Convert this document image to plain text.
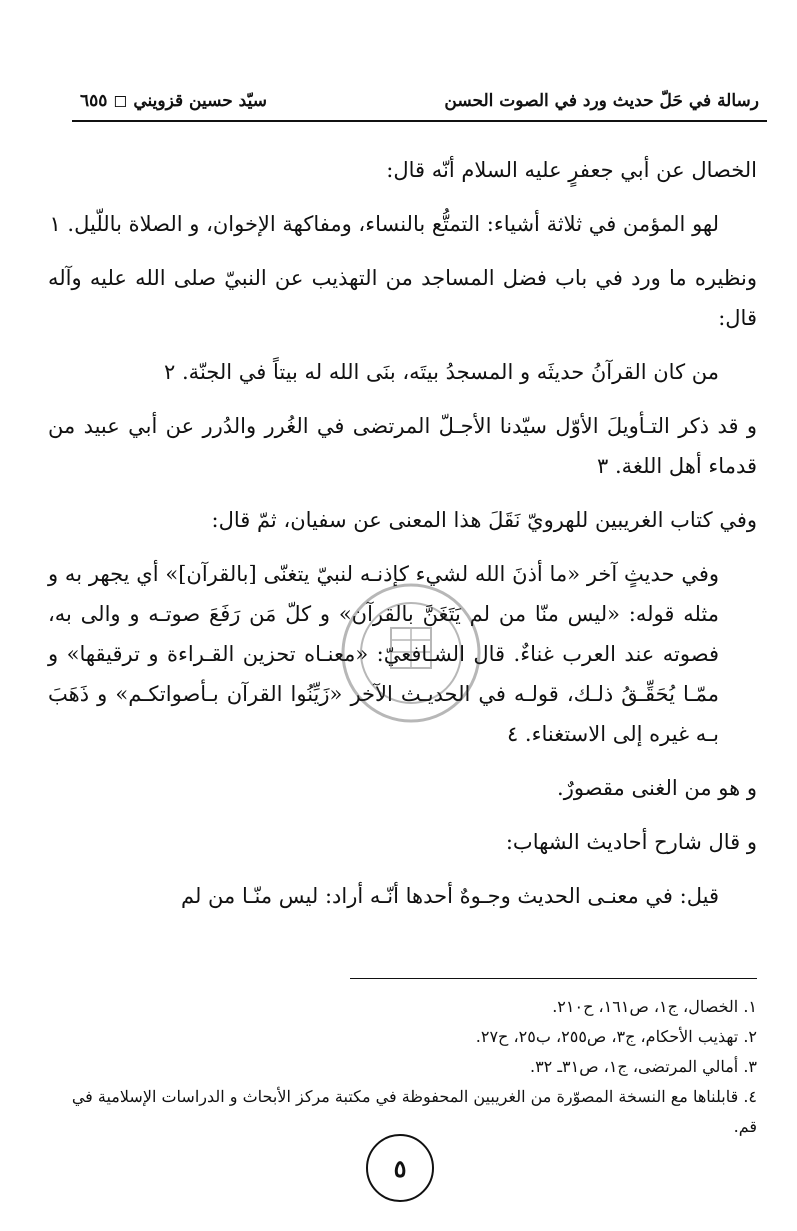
رسالة في حَلّ حديث ورد في الصوت الحسن
سيّد حسين قزويني ◻ ٦٥٥

الخصال عن أبي جعفرٍ عليه السلام أنّه قال:

لهو المؤمن في ثلاثة أشياء: التمتُّع بالنساء، ومفاكهة الإخوان، و الصلاة باللّيل. ١

ونظيره ما ورد في باب فضل المساجد من التهذيب عن النبيّ صلى الله عليه وآله قال:

من كان القرآنُ حديثَه و المسجدُ بيتَه، بنَى الله له بيتاً في الجنّة. ٢

و قد ذكر التـأويلَ الأوّل سيّدنا الأجـلّ المرتضى في الغُرر والدُرر عن أبي عبيد من قدماء أهل اللغة. ٣

وفي كتاب الغريبين للهرويّ نَقَلَ هذا المعنى عن سفيان، ثمّ قال:

وفي حديثٍ آخر «ما أذنَ الله لشيء كإذنـه لنبيّ يتغنّى [بالقرآن]» أي يجهر به و مثله قوله: «ليس منّا من لم يَتَغَنَّ بالقرآن» و كلّ مَن رَفَعَ صوتـه و والى به، فصوته عند العرب غناءٌ. قال الشـافعيّ: «معنـاه تحزين القـراءة و ترقيقها» و ممّـا يُحَقِّـقُ ذلـك، قولـه في الحديـث الآخر «زَيِّنُوا القرآن بـأصواتكـم» و ذَهَبَ بـه غيره إلى الاستغناء. ٤

و هو من الغنى مقصورٌ.

و قال شارح أحاديث الشهاب:

قيل: في معنـى الحديث وجـوهٌ أحدها أنّـه أراد: ليس منّـا من لم

١. الخصال، ج١، ص١٦١، ح٢١٠.
٢. تهذيب الأحكام، ج٣، ص٢٥٥، ب٢٥، ح٢٧.
٣. أمالي المرتضى، ج١، ص٣١ـ ٣٢.
٤. قابلناها مع النسخة المصوّرة من الغريبين المحفوظة في مكتبة مركز الأبحاث و الدراسات الإسلامية في قم.
٥
